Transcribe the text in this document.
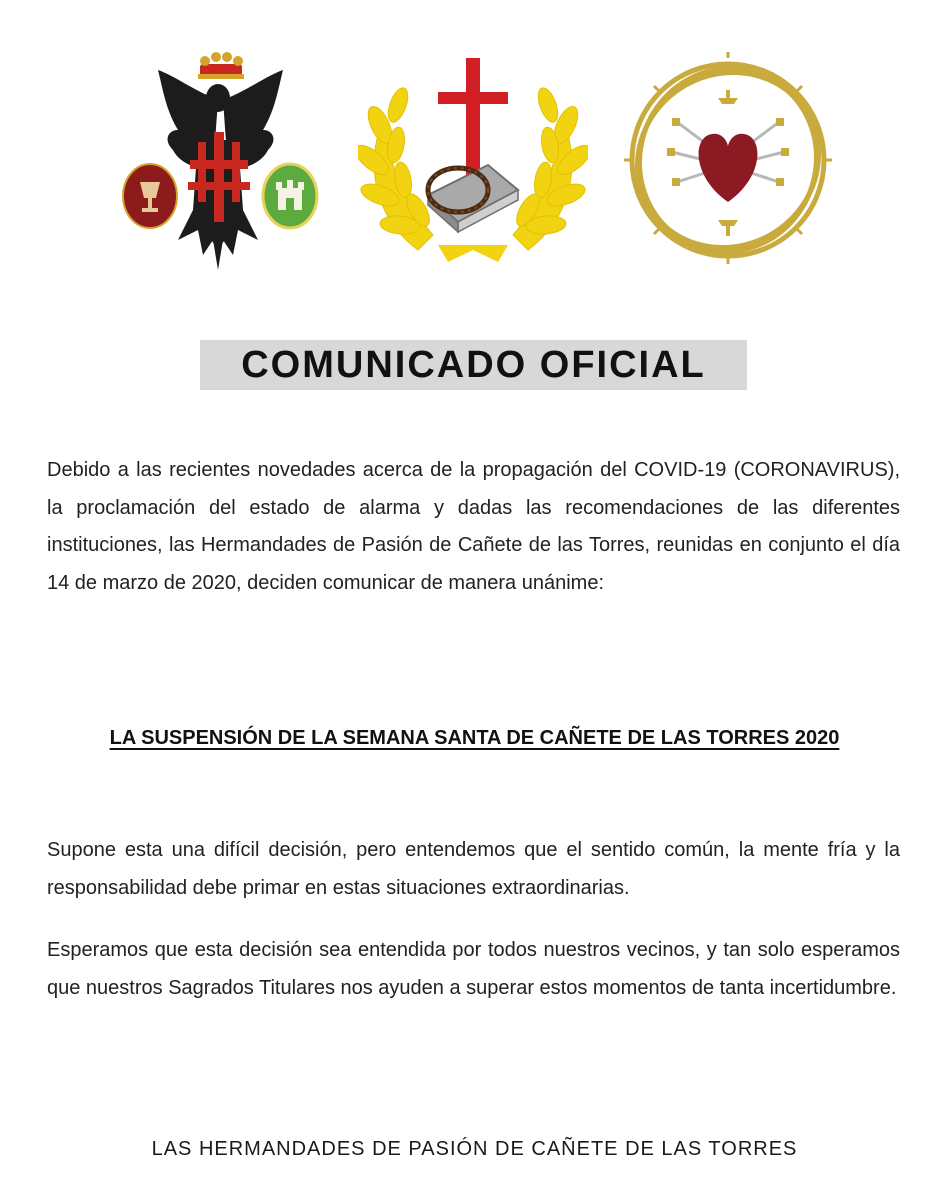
COMUNICADO OFICIAL

Debido a las recientes novedades acerca de la propagación del COVID-19 (CORONAVIRUS), la proclamación del estado de alarma y dadas las recomendaciones de las diferentes instituciones, las Hermandades de Pasión de Cañete de las Torres, reunidas en conjunto el día 14 de marzo de 2020, deciden comunicar de manera unánime:

LA SUSPENSIÓN DE LA SEMANA SANTA DE CAÑETE DE LAS TORRES 2020

Supone esta una difícil decisión, pero entendemos que el sentido común, la mente fría y la responsabilidad debe primar en estas situaciones extraordinarias.

Esperamos que esta decisión sea entendida por todos nuestros vecinos, y tan solo esperamos que nuestros Sagrados Titulares nos ayuden a superar estos momentos de tanta incertidumbre.

LAS HERMANDADES DE PASIÓN DE CAÑETE DE LAS TORRES
